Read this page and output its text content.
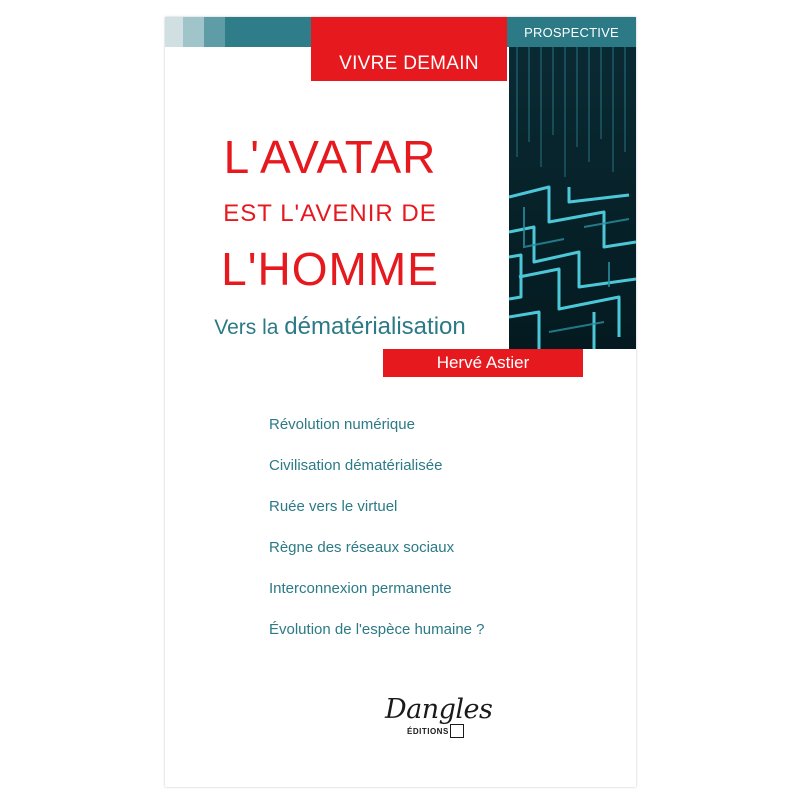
VIVRE DEMAIN
PROSPECTIVE
L'AVATAR
EST L'AVENIR DE
L'HOMME
Vers la dématérialisation
Hervé Astier
Révolution numérique
Civilisation dématérialisée
Ruée vers le virtuel
Règne des réseaux sociaux
Interconnexion permanente
Évolution de l'espèce humaine ?
Dangles
ÉDITIONS
